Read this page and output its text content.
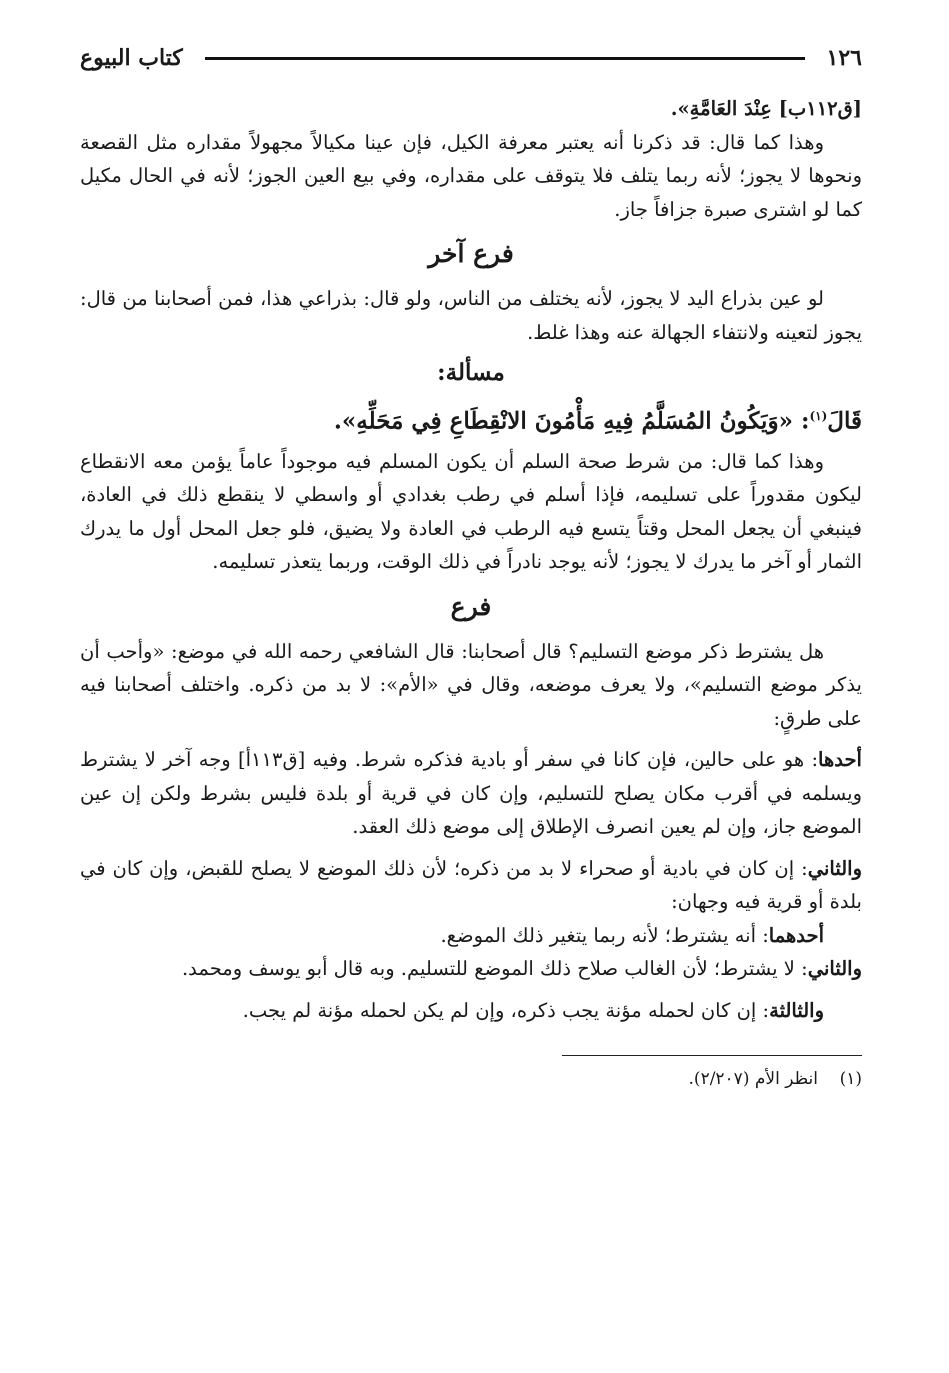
١٢٦
كتاب البيوع

[ق١١٢ب] عِنْدَ العَامَّةِ».

وهذا كما قال: قد ذكرنا أنه يعتبر معرفة الكيل، فإن عينا مكيالاً مجهولاً مقداره مثل القصعة ونحوها لا يجوز؛ لأنه ربما يتلف فلا يتوقف على مقداره، وفي بيع العين الجوز؛ لأنه في الحال مكيل كما لو اشترى صبرة جزافاً جاز.

فرع آخر

لو عين بذراع اليد لا يجوز، لأنه يختلف من الناس، ولو قال: بذراعي هذا، فمن أصحابنا من قال: يجوز لتعينه ولانتفاء الجهالة عنه وهذا غلط.

مسألة:
قَالَ$^{(١)}$: «وَيَكُونُ المُسَلَّمُ فِيهِ مَأْمُونَ الانْقِطَاعِ فِي مَحَلِّهِ».

وهذا كما قال: من شرط صحة السلم أن يكون المسلم فيه موجوداً عاماً يؤمن معه الانقطاع ليكون مقدوراً على تسليمه، فإذا أسلم في رطب بغدادي أو واسطي لا ينقطع ذلك في العادة، فينبغي أن يجعل المحل وقتاً يتسع فيه الرطب في العادة ولا يضيق، فلو جعل المحل أول ما يدرك الثمار أو آخر ما يدرك لا يجوز؛ لأنه يوجد نادراً في ذلك الوقت، وربما يتعذر تسليمه.

فرع

هل يشترط ذكر موضع التسليم؟ قال أصحابنا: قال الشافعي رحمه الله في موضع: «وأحب أن يذكر موضع التسليم»، ولا يعرف موضعه، وقال في «الأم»: لا بد من ذكره. واختلف أصحابنا فيه على طرقٍ:

أحدها: هو على حالين، فإن كانا في سفر أو بادية فذكره شرط. وفيه [ق١١٣أ] وجه آخر لا يشترط ويسلمه في أقرب مكان يصلح للتسليم، وإن كان في قرية أو بلدة فليس بشرط ولكن إن عين الموضع جاز، وإن لم يعين انصرف الإطلاق إلى موضع ذلك العقد.

والثاني: إن كان في بادية أو صحراء لا بد من ذكره؛ لأن ذلك الموضع لا يصلح للقبض، وإن كان في بلدة أو قرية فيه وجهان:

أحدهما: أنه يشترط؛ لأنه ربما يتغير ذلك الموضع.

والثاني: لا يشترط؛ لأن الغالب صلاح ذلك الموضع للتسليم. وبه قال أبو يوسف ومحمد.

والثالثة: إن كان لحمله مؤنة يجب ذكره، وإن لم يكن لحمله مؤنة لم يجب.

(١)انظر الأم (٢/٢٠٧).
